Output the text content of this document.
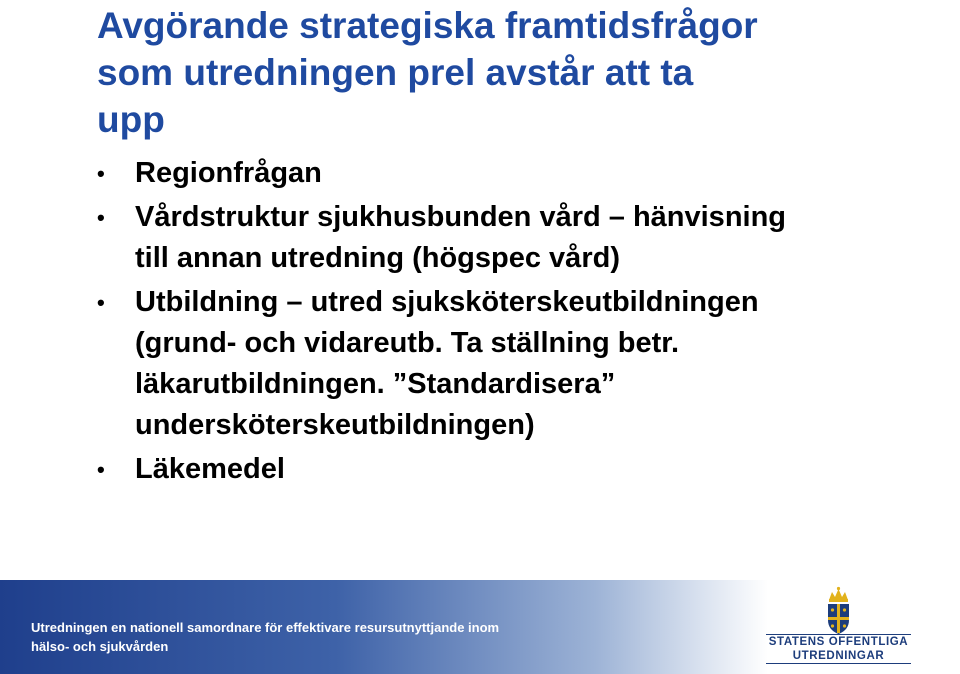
Avgörande strategiska framtidsfrågor
som utredningen prel avstår att ta
upp
• Regionfrågan
• Vårdstruktur sjukhusbunden vård – hänvisning
till annan utredning (högspec vård)
• Utbildning – utred sjuksköterskeutbildningen
(grund- och vidareutb. Ta ställning betr.
läkarutbildningen. ”Standardisera”
undersköterskeutbildningen)
• Läkemedel
Utredningen en nationell samordnare för effektivare resursutnyttjande inom
hälso- och sjukvården	STATENS OFFENTLIGA
UTREDNINGAR
